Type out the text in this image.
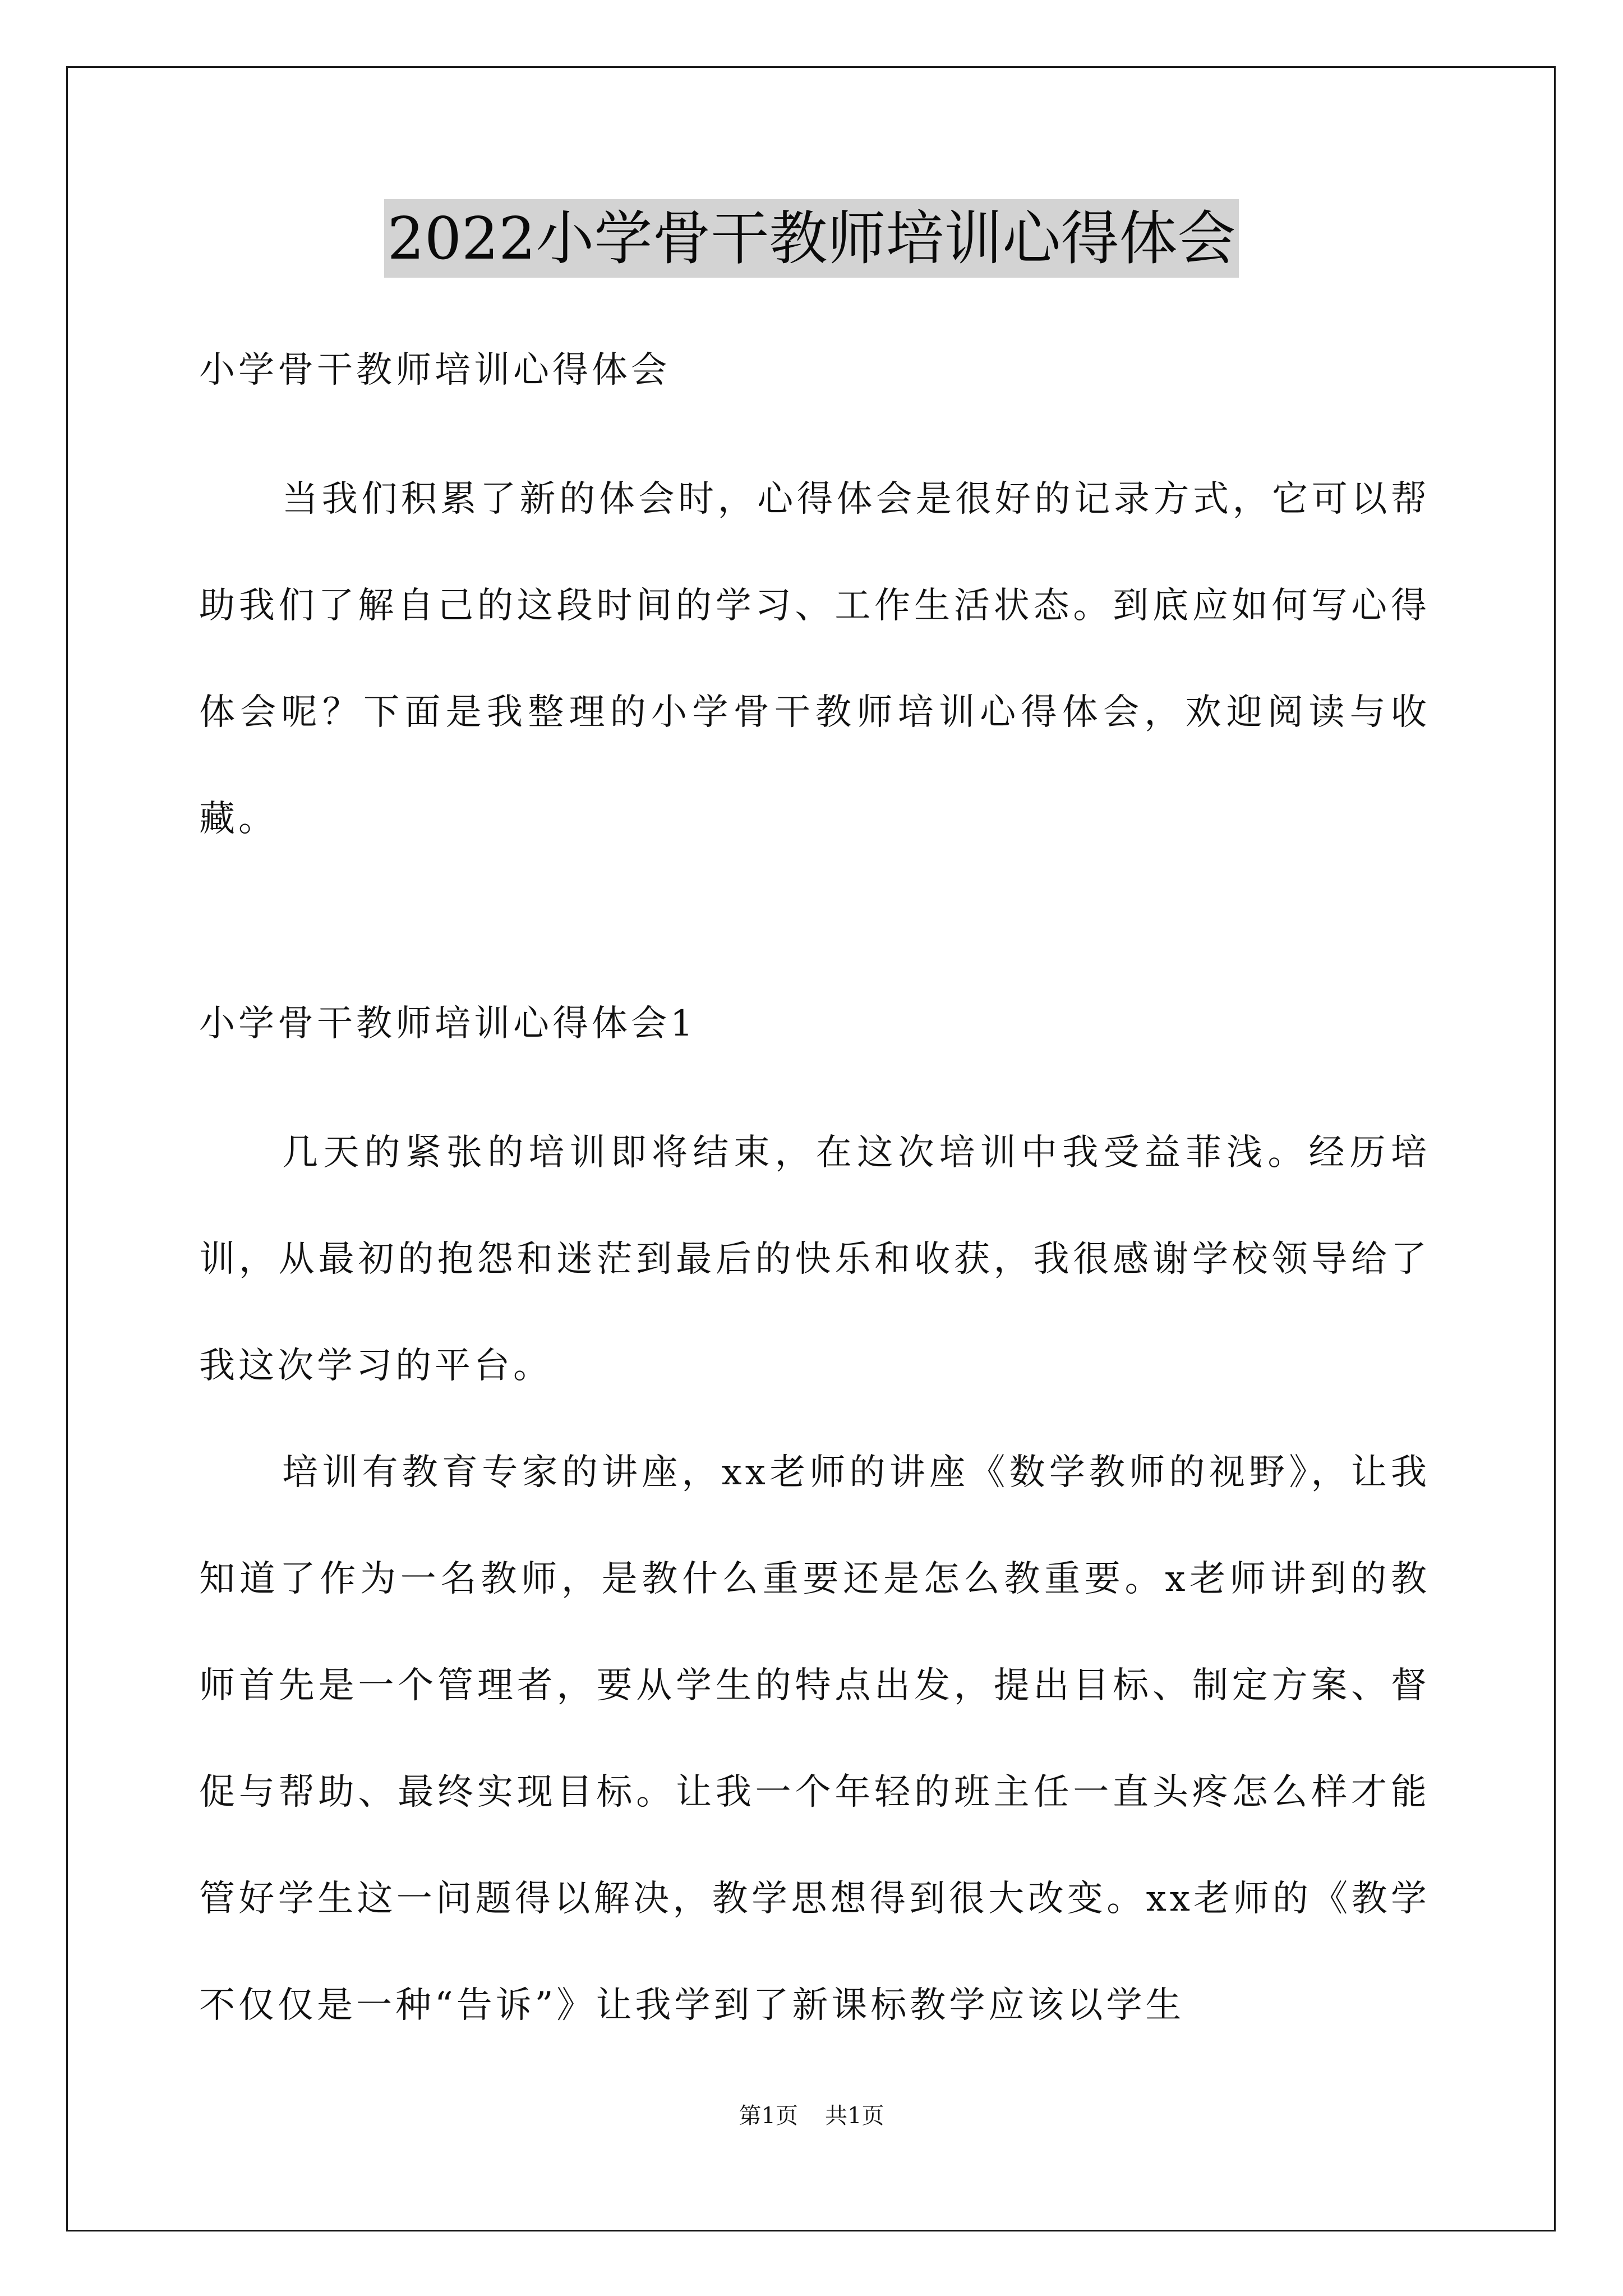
2022小学骨干教师培训心得体会

小学骨干教师培训心得体会

当我们积累了新的体会时，心得体会是很好的记录方式，它可以帮助我们了解自己的这段时间的学习、工作生活状态。到底应如何写心得体会呢？下面是我整理的小学骨干教师培训心得体会，欢迎阅读与收藏。

小学骨干教师培训心得体会1

几天的紧张的培训即将结束，在这次培训中我受益菲浅。经历培训，从最初的抱怨和迷茫到最后的快乐和收获，我很感谢学校领导给了我这次学习的平台。

培训有教育专家的讲座，xx老师的讲座《数学教师的视野》，让我知道了作为一名教师，是教什么重要还是怎么教重要。x老师讲到的教师首先是一个管理者，要从学生的特点出发，提出目标、制定方案、督促与帮助、最终实现目标。让我一个年轻的班主任一直头疼怎么样才能管好学生这一问题得以解决，教学思想得到很大改变。xx老师的《教学不仅仅是一种“告诉”》让我学到了新课标教学应该以学生

第1页 共1页
